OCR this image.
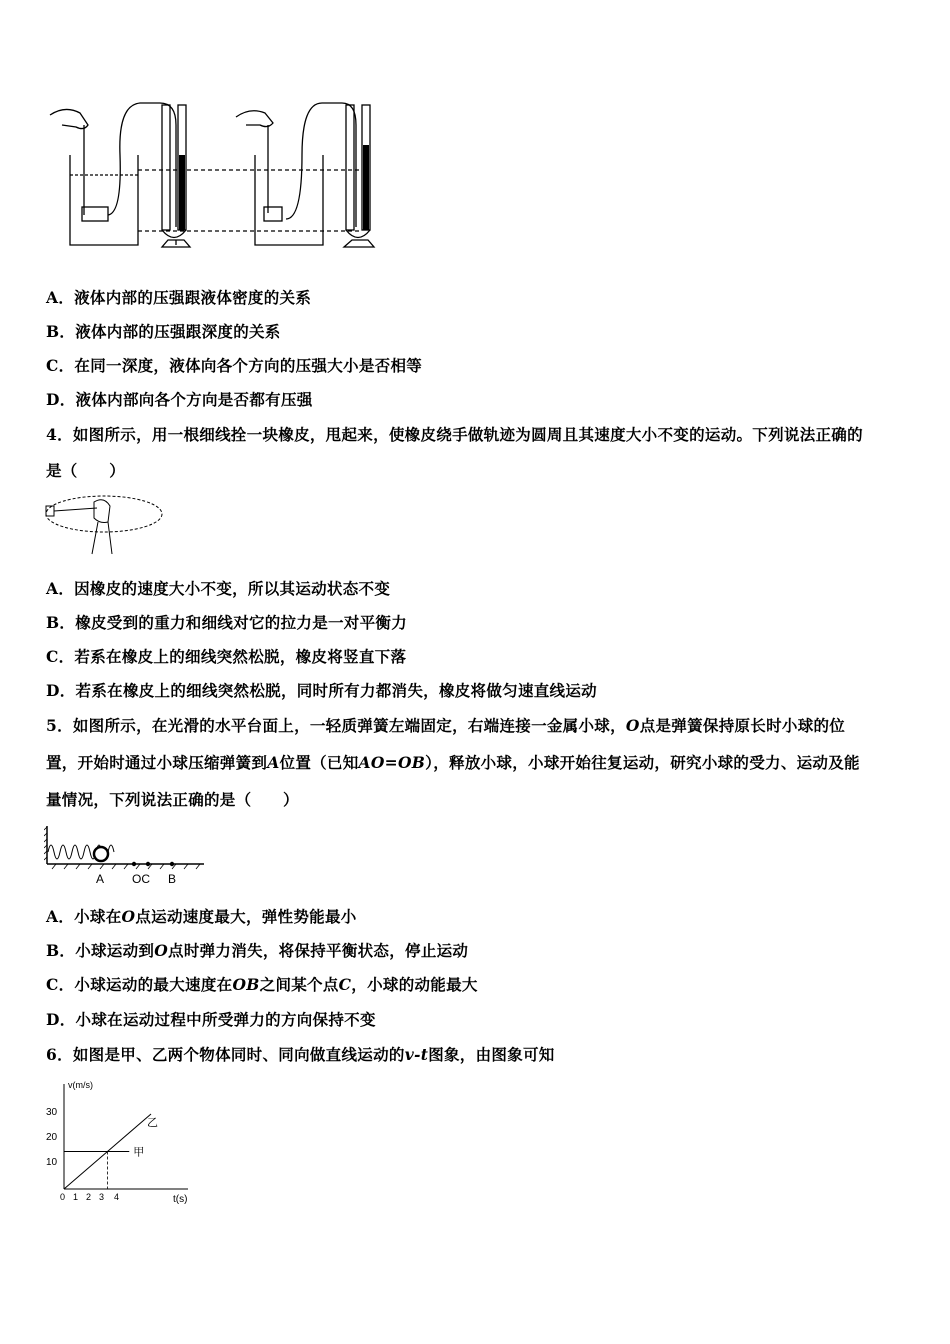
A．液体内部的压强跟液体密度的关系
B．液体内部的压强跟深度的关系
C．在同一深度，液体向各个方向的压强大小是否相等
D．液体内部向各个方向是否都有压强
4．如图所示，用一根细线拴一块橡皮，甩起来，使橡皮绕手做轨迹为圆周且其速度大小不变的运动。下列说法正确的
是（　　）
A．因橡皮的速度大小不变，所以其运动状态不变
B．橡皮受到的重力和细线对它的拉力是一对平衡力
C．若系在橡皮上的细线突然松脱，橡皮将竖直下落
D．若系在橡皮上的细线突然松脱，同时所有力都消失，橡皮将做匀速直线运动
5．如图所示，在光滑的水平台面上，一轻质弹簧左端固定，右端连接一金属小球，O点是弹簧保持原长时小球的位
置，开始时通过小球压缩弹簧到A位置（已知AO=OB），释放小球，小球开始往复运动，研究小球的受力、运动及能
量情况，下列说法正确的是（　　）
A OC B
A．小球在O点运动速度最大，弹性势能最小
B．小球运动到O点时弹力消失，将保持平衡状态，停止运动
C．小球运动的最大速度在OB之间某个点C，小球的动能最大
D．小球在运动过程中所受弹力的方向保持不变
6．如图是甲、乙两个物体同时、同向做直线运动的v-t图象，由图象可知
v(m/s)
t(s)
10
20
30
0 1 2 3 4
甲
乙
